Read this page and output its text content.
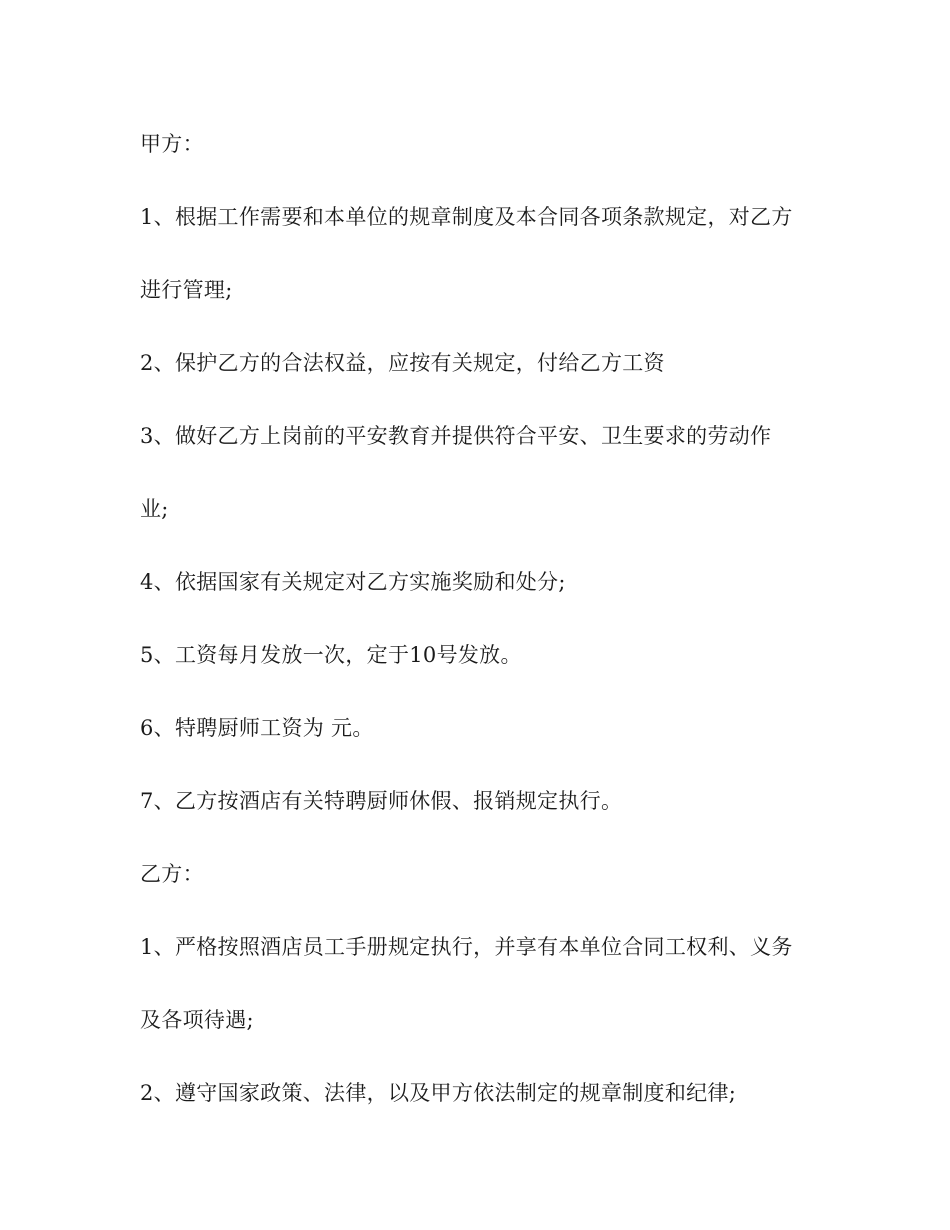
甲方：

1、根据工作需要和本单位的规章制度及本合同各项条款规定，对乙方

进行管理;

2、保护乙方的合法权益，应按有关规定，付给乙方工资

3、做好乙方上岗前的平安教育并提供符合平安、卫生要求的劳动作

业;

4、依据国家有关规定对乙方实施奖励和处分;

5、工资每月发放一次，定于10号发放。

6、特聘厨师工资为 元。

7、乙方按酒店有关特聘厨师休假、报销规定执行。

乙方：

1、严格按照酒店员工手册规定执行，并享有本单位合同工权利、义务

及各项待遇;

2、遵守国家政策、法律，以及甲方依法制定的规章制度和纪律;
